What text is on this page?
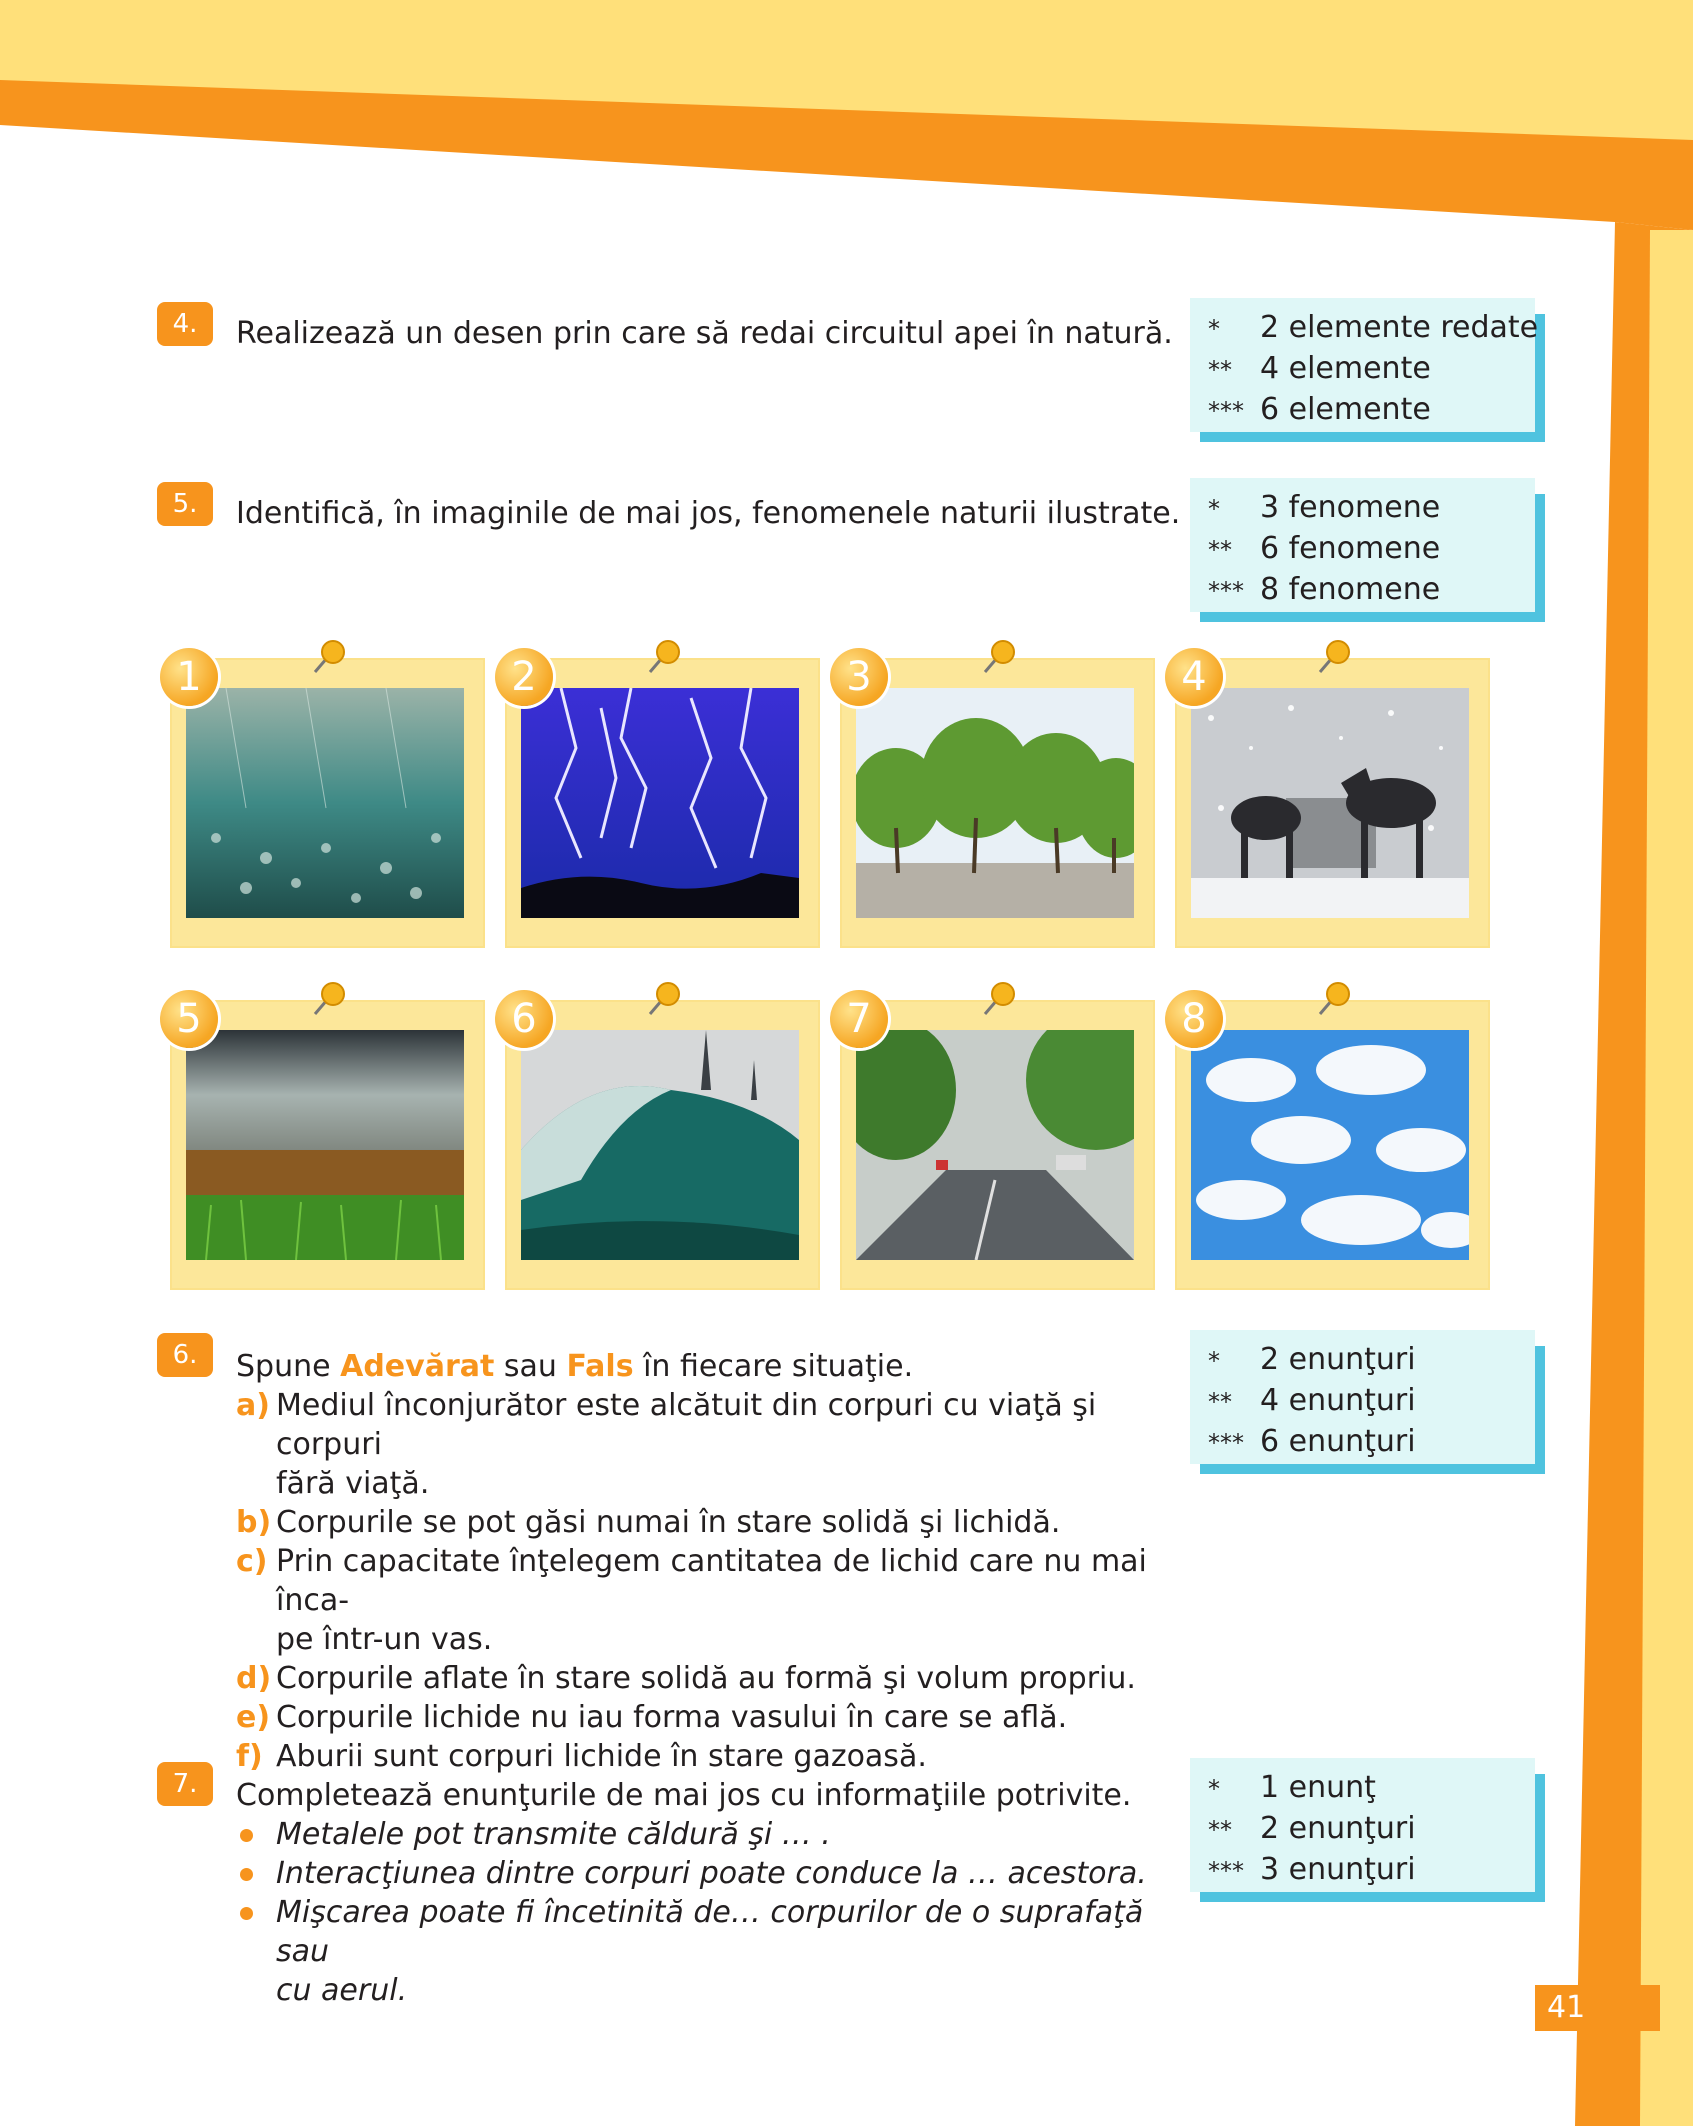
4.	Realizează un desen prin care să redai circuitul apei în natură. * 2 elemente redate
** 4 elemente
*** 6 elemente
5.	Identifică, în imaginile de mai jos, fenomenele naturii ilustrate. * 3 fenomene
** 6 fenomene
*** 8 fenomene
1	2	3	4
5	6	7	8
6.	Spune Adevărat sau Fals în fiecare situaţie.
a) Mediul înconjurător este alcătuit din corpuri cu viaţă şi corpuri
fără viaţă.
b) Corpurile se pot găsi numai în stare solidă şi lichidă.
c) Prin capacitate înţelegem cantitatea de lichid care nu mai înca-
pe într-un vas.
d) Corpurile aflate în stare solidă au formă şi volum propriu.
e) Corpurile lichide nu iau forma vasului în care se află.
f) Aburii sunt corpuri lichide în stare gazoasă.
* 2 enunţuri
** 4 enunţuri
*** 6 enunţuri
7.	Completează enunţurile de mai jos cu informaţiile potrivite.
Metalele pot transmite căldură şi … .
Interacţiunea dintre corpuri poate conduce la … acestora.
Mişcarea poate fi încetinită de… corpurilor de o suprafaţă sau
cu aerul.
* 1 enunţ
** 2 enunţuri
*** 3 enunţuri
41
